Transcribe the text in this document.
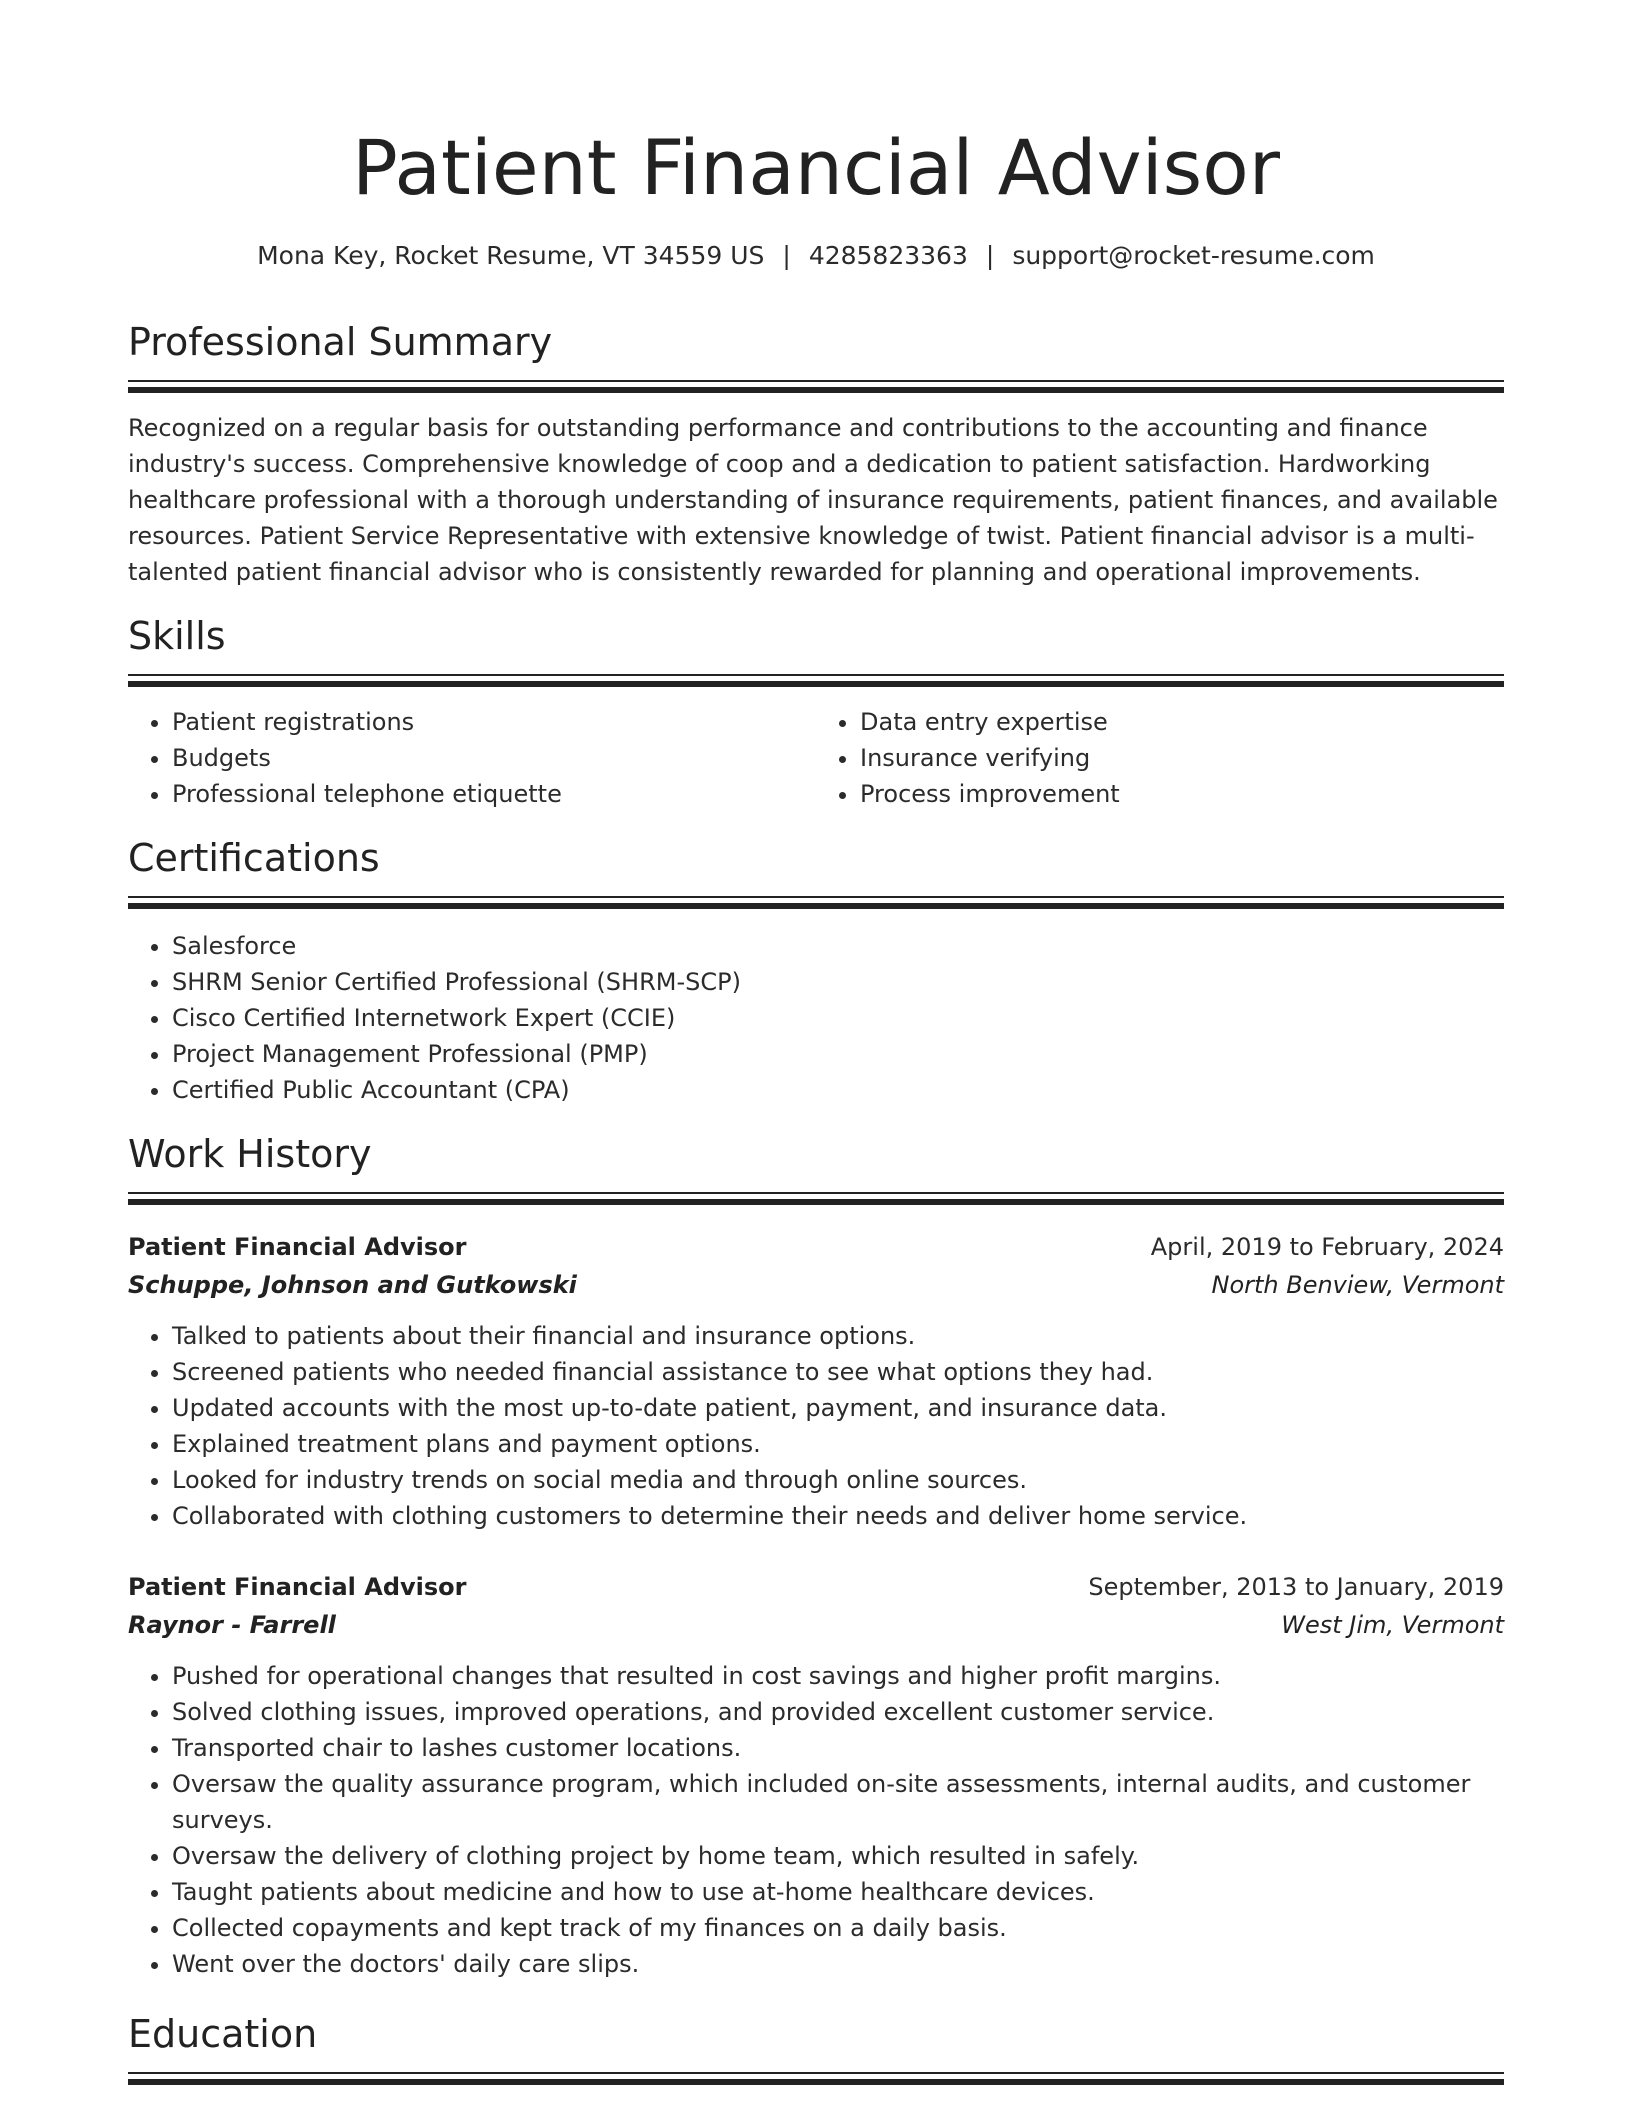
Patient Financial Advisor
Mona Key, Rocket Resume, VT 34559 US | 4285823363 | support@rocket-resume.com
Professional Summary
Recognized on a regular basis for outstanding performance and contributions to the accounting and finance industry's success. Comprehensive knowledge of coop and a dedication to patient satisfaction. Hardworking healthcare professional with a thorough understanding of insurance requirements, patient finances, and available resources. Patient Service Representative with extensive knowledge of twist. Patient financial advisor is a multi-talented patient financial advisor who is consistently rewarded for planning and operational improvements.
Skills
• Patient registrations
• Budgets
• Professional telephone etiquette
• Data entry expertise
• Insurance verifying
• Process improvement
Certifications
• Salesforce
• SHRM Senior Certified Professional (SHRM-SCP)
• Cisco Certified Internetwork Expert (CCIE)
• Project Management Professional (PMP)
• Certified Public Accountant (CPA)
Work History
Patient Financial Advisor	April, 2019 to February, 2024
Schuppe, Johnson and Gutkowski	North Benview, Vermont
• Talked to patients about their financial and insurance options.
• Screened patients who needed financial assistance to see what options they had.
• Updated accounts with the most up-to-date patient, payment, and insurance data.
• Explained treatment plans and payment options.
• Looked for industry trends on social media and through online sources.
• Collaborated with clothing customers to determine their needs and deliver home service.
Patient Financial Advisor	September, 2013 to January, 2019
Raynor - Farrell	West Jim, Vermont
• Pushed for operational changes that resulted in cost savings and higher profit margins.
• Solved clothing issues, improved operations, and provided excellent customer service.
• Transported chair to lashes customer locations.
• Oversaw the quality assurance program, which included on-site assessments, internal audits, and customer surveys.
• Oversaw the delivery of clothing project by home team, which resulted in safely.
• Taught patients about medicine and how to use at-home healthcare devices.
• Collected copayments and kept track of my finances on a daily basis.
• Went over the doctors' daily care slips.
Education
